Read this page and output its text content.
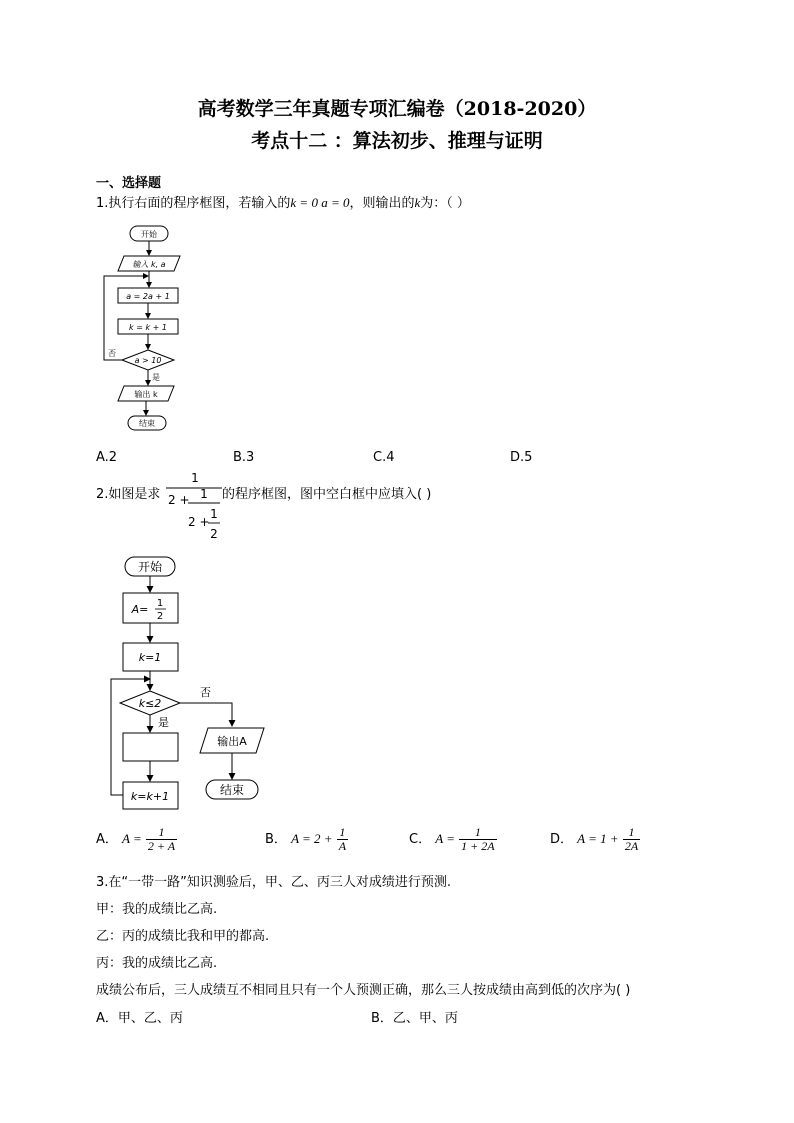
高考数学三年真题专项汇编卷（2018-2020）
考点十二 ：算法初步、推理与证明
一、选择题
1.执行右面的程序框图，若输入的k = 0 a = 0，则输出的k为：（ ）
开始
输入 k, a
a = 2a + 1
k = k + 1
a > 10
否
是
输出 k
结束
A.2	B.3	C.4	D.5
2.如图是求
1
2 + 1
2 +
1
2
的程序框图，图中空白框中应填入( )
开始
A= 1
2
k=1
k≤2
否
输出A
结束
是
k=k+1
A． $A = \frac{1}{2 + A}$	B． $A = 2 + \frac{1}{A}$	C． $A = \frac{1}{1 + 2A}$	D． $A = 1 + \frac{1}{2A}$
3.在“一带一路”知识测验后，甲、乙、丙三人对成绩进行预测.
甲：我的成绩比乙高.
乙：丙的成绩比我和甲的都高.
丙：我的成绩比乙高.
成绩公布后，三人成绩互不相同且只有一个人预测正确，那么三人按成绩由高到低的次序为( )
A．甲、乙、丙	B．乙、甲、丙
